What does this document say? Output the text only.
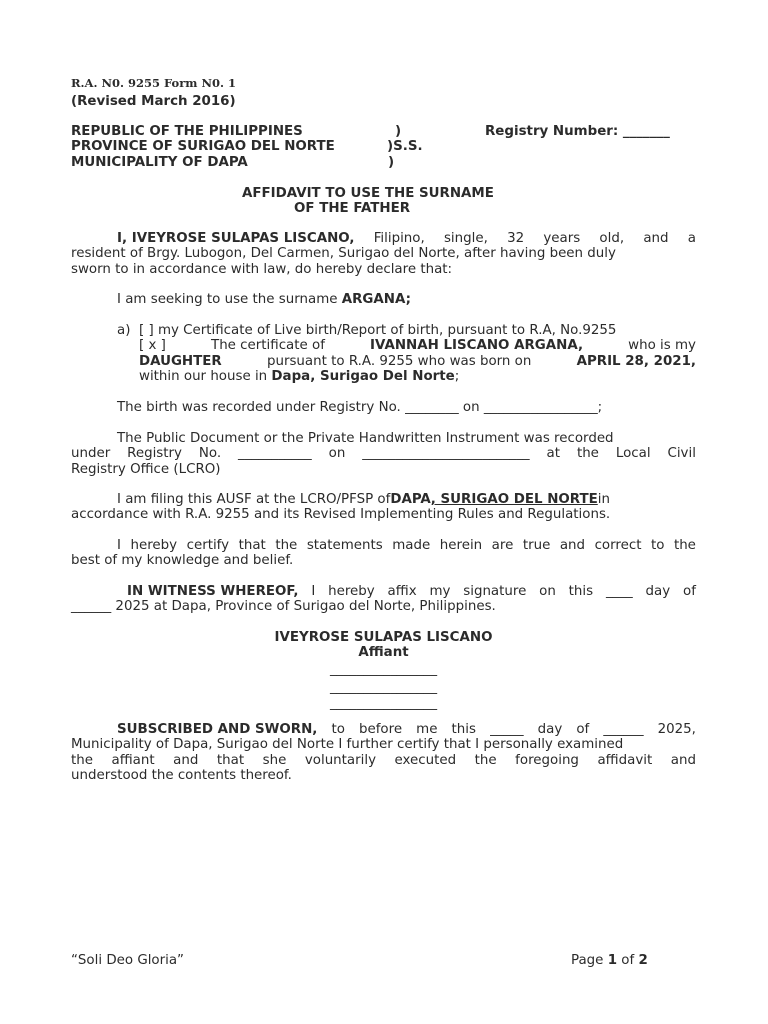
R.A. N0. 9255 Form N0. 1
(Revised March 2016)
REPUBLIC OF THE PHILIPPINES	)	Registry Number: _______
PROVINCE OF SURIGAO DEL NORTE	)S.S.
MUNICIPALITY OF DAPA	)
AFFIDAVIT TO USE THE SURNAME
OF THE FATHER
I, IVEYROSE SULAPAS LISCANO, Filipino, single, 32 years old, and a
resident of Brgy. Lubogon, Del Carmen, Surigao del Norte, after having been duly
sworn to in accordance with law, do hereby declare that:
I am seeking to use the surname ARGANA;
a) [ ] my Certificate of Live birth/Report of birth, pursuant to R.A, No.9255
[ x ]	The certificate of	IVANNAH LISCANO ARGANA,	who is my
DAUGHTER	pursuant to R.A. 9255 who was born on	APRIL 28, 2021,
within our house in Dapa, Surigao Del Norte;
The birth was recorded under Registry No. ________ on _________________;
The Public Document or the Private Handwritten Instrument was recorded
under Registry No. ___________ on _________________________ at the Local Civil
Registry Office (LCRO)
I am filing this AUSF at the LCRO/PFSP of DAPA , SURIGAO DEL NORTE in
accordance with R.A. 9255 and its Revised Implementing Rules and Regulations.
I hereby certify that the statements made herein are true and correct to the
best of my knowledge and belief.
IN WITNESS WHEREOF, I hereby affix my signature on this ____ day of
______ 2025 at Dapa, Province of Surigao del Norte, Philippines.
IVEYROSE SULAPAS LISCANO
Affiant
________________
________________
________________
SUBSCRIBED AND SWORN, to before me this _____ day of ______ 2025,
Municipality of Dapa, Surigao del Norte I further certify that I personally examined
the affiant and that she voluntarily executed the foregoing affidavit and
understood the contents thereof.
“Soli Deo Gloria”	Page 1 of 2
